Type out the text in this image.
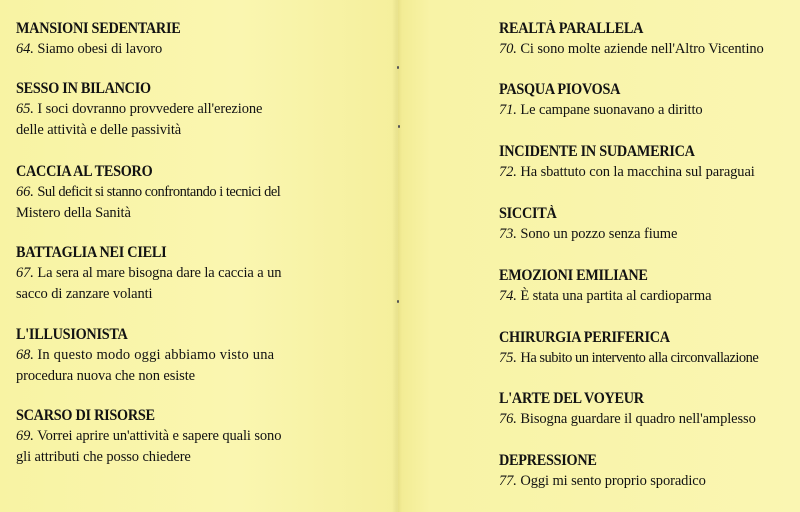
MANSIONI SEDENTARIE
64. Siamo obesi di lavoro
SESSO IN BILANCIO
65. I soci dovranno provvedere all'erezione
delle attività e delle passività
CACCIA AL TESORO
66. Sul deficit si stanno confrontando i tecnici del
Mistero della Sanità
BATTAGLIA NEI CIELI
67. La sera al mare bisogna dare la caccia a un
sacco di zanzare volanti
L'ILLUSIONISTA
68. In questo modo oggi abbiamo visto una
procedura nuova che non esiste
SCARSO DI RISORSE
69. Vorrei aprire un'attività e sapere quali sono
gli attributi che posso chiedere
REALTÀ PARALLELA
70. Ci sono molte aziende nell'Altro Vicentino
PASQUA PIOVOSA
71. Le campane suonavano a diritto
INCIDENTE IN SUDAMERICA
72. Ha sbattuto con la macchina sul paraguai
SICCITÀ
73. Sono un pozzo senza fiume
EMOZIONI EMILIANE
74. È stata una partita al cardioparma
CHIRURGIA PERIFERICA
75. Ha subito un intervento alla circonvallazione
L'ARTE DEL VOYEUR
76. Bisogna guardare il quadro nell'amplesso
DEPRESSIONE
77. Oggi mi sento proprio sporadico
